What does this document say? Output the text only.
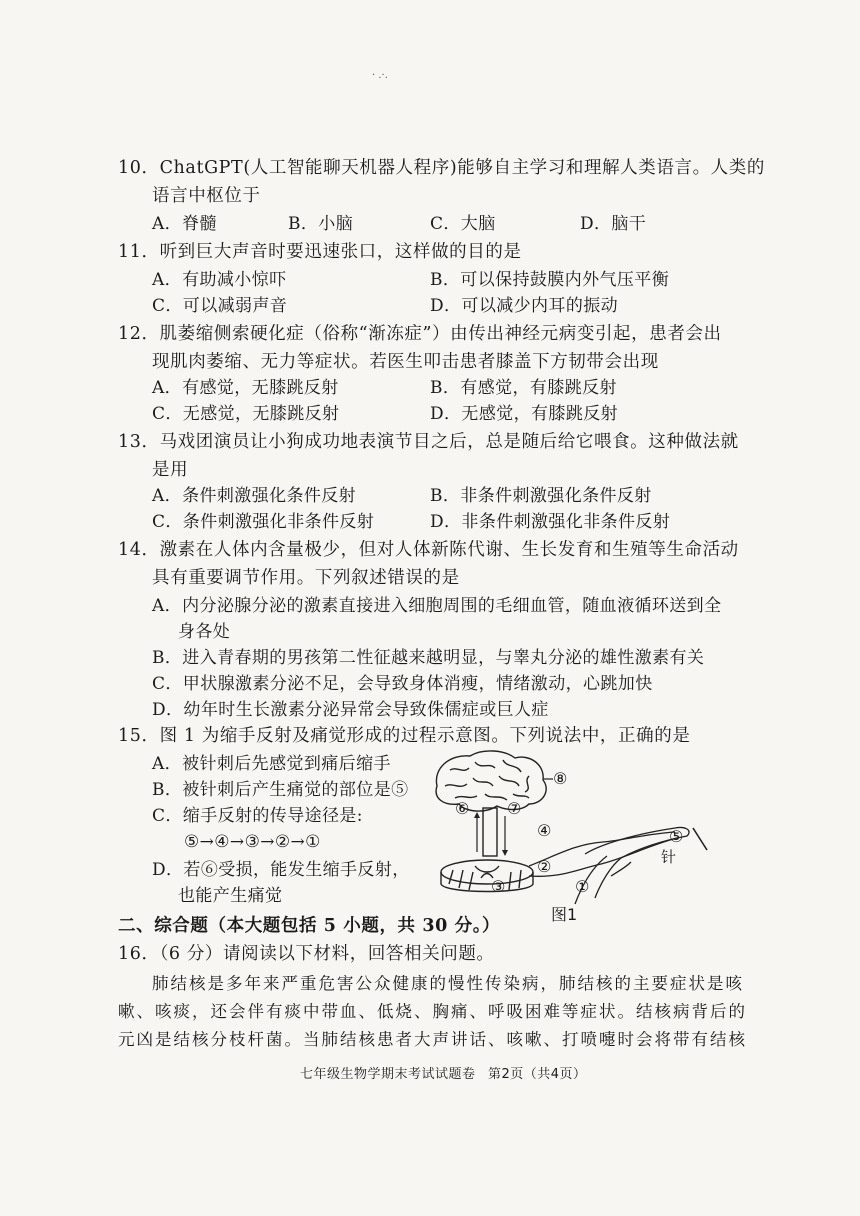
· .·.
10．ChatGPT(人工智能聊天机器人程序)能够自主学习和理解人类语言。人类的
语言中枢位于
A．脊髓	B．小脑	C．大脑	D．脑干
11．听到巨大声音时要迅速张口，这样做的目的是
A．有助减小惊吓	B．可以保持鼓膜内外气压平衡
C．可以减弱声音	D．可以减少内耳的振动
12．肌萎缩侧索硬化症（俗称“渐冻症”）由传出神经元病变引起，患者会出
现肌肉萎缩、无力等症状。若医生叩击患者膝盖下方韧带会出现
A．有感觉，无膝跳反射	B．有感觉，有膝跳反射
C．无感觉，无膝跳反射	D．无感觉，有膝跳反射
13．马戏团演员让小狗成功地表演节目之后，总是随后给它喂食。这种做法就
是用
A．条件刺激强化条件反射	B．非条件刺激强化条件反射
C．条件刺激强化非条件反射	D．非条件刺激强化非条件反射
14．激素在人体内含量极少，但对人体新陈代谢、生长发育和生殖等生命活动
具有重要调节作用。下列叙述错误的是
A．内分泌腺分泌的激素直接进入细胞周围的毛细血管，随血液循环送到全
身各处
B．进入青春期的男孩第二性征越来越明显，与睾丸分泌的雄性激素有关
C．甲状腺激素分泌不足，会导致身体消瘦，情绪激动，心跳加快
D．幼年时生长激素分泌异常会导致侏儒症或巨人症
15．图 1 为缩手反射及痛觉形成的过程示意图。下列说法中，正确的是
A．被针刺后先感觉到痛后缩手
B．被针刺后产生痛觉的部位是⑤
C．缩手反射的传导途径是:
⑤→④→③→②→①
D．若⑥受损，能发生缩手反射，
也能产生痛觉
⑧
⑥ ⑦
④	⑤
针
②
③	①
图1
二、综合题（本大题包括 5 小题，共 30 分。）
16．（6 分）请阅读以下材料，回答相关问题。
肺结核是多年来严重危害公众健康的慢性传染病，肺结核的主要症状是咳
嗽、咳痰，还会伴有痰中带血、低烧、胸痛、呼吸困难等症状。结核病背后的
元凶是结核分枝杆菌。当肺结核患者大声讲话、咳嗽、打喷嚏时会将带有结核
七年级生物学期末考试试题卷 第2页（共4页）
